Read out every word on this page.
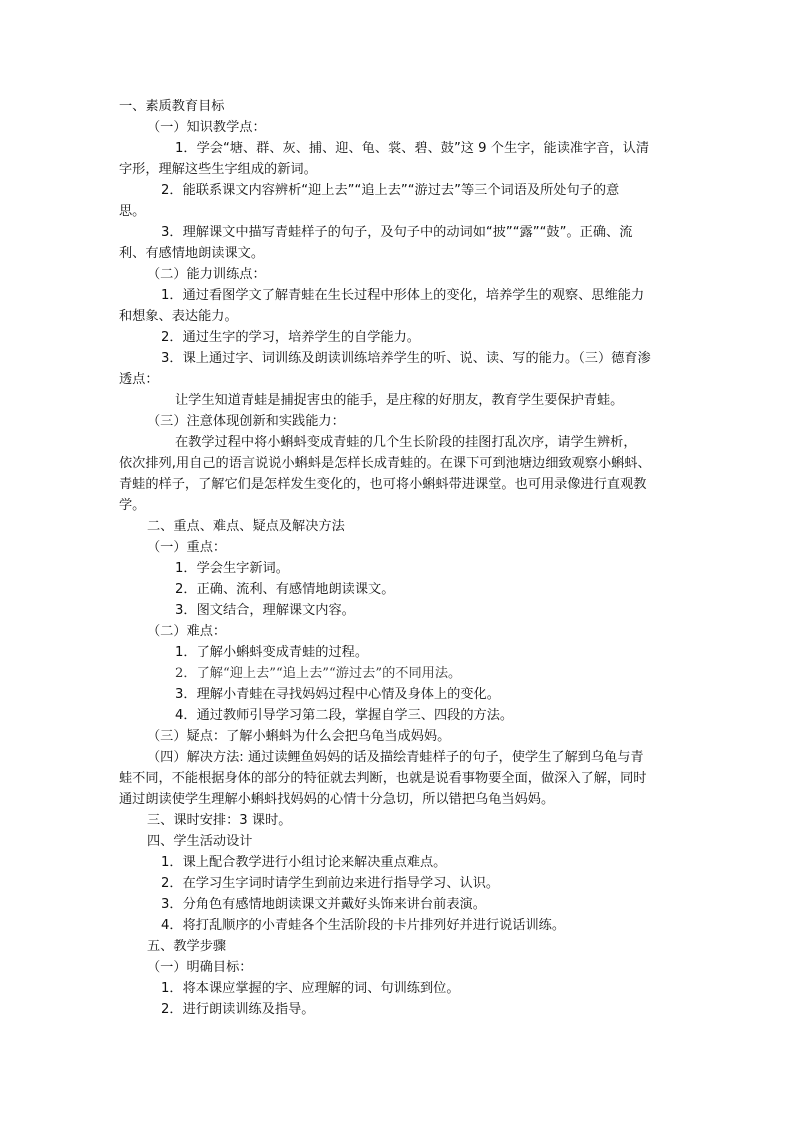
一、素质教育目标
（一）知识教学点：
1．学会“塘、群、灰、捕、迎、龟、裳、碧、鼓”这 9 个生字，能读准字音，认清
字形，理解这些生字组成的新词。
2．能联系课文内容辨析“迎上去”“追上去”“游过去”等三个词语及所处句子的意
思。
3．理解课文中描写青蛙样子的句子，及句子中的动词如“披”“露”“鼓”。正确、流
利、有感情地朗读课文。
（二）能力训练点：
1．通过看图学文了解青蛙在生长过程中形体上的变化，培养学生的观察、思维能力
和想象、表达能力。
2．通过生字的学习，培养学生的自学能力。
3．课上通过字、词训练及朗读训练培养学生的听、说、读、写的能力。（三）德育渗
透点：
让学生知道青蛙是捕捉害虫的能手，是庄稼的好朋友，教育学生要保护青蛙。
（三）注意体现创新和实践能力：
在教学过程中将小蝌蚪变成青蛙的几个生长阶段的挂图打乱次序，请学生辨析，
依次排列,用自己的语言说说小蝌蚪是怎样长成青蛙的。在课下可到池塘边细致观察小蝌蚪、
青蛙的样子，了解它们是怎样发生变化的，也可将小蝌蚪带进课堂。也可用录像进行直观教
学。
二、重点、难点、疑点及解决方法
（一）重点：
1．学会生字新词。
2．正确、流利、有感情地朗读课文。
3．图文结合，理解课文内容。
（二）难点：
1．了解小蝌蚪变成青蛙的过程。
2．了解“迎上去”“追上去”“游过去”的不同用法。
3．理解小青蛙在寻找妈妈过程中心情及身体上的变化。
4．通过教师引导学习第二段，掌握自学三、四段的方法。
（三）疑点：了解小蝌蚪为什么会把乌龟当成妈妈。
（四）解决方法: 通过读鲤鱼妈妈的话及描绘青蛙样子的句子，使学生了解到乌龟与青
蛙不同，不能根据身体的部分的特征就去判断，也就是说看事物要全面，做深入了解，同时
通过朗读使学生理解小蝌蚪找妈妈的心情十分急切，所以错把乌龟当妈妈。
三、课时安排：3 课时。
四、学生活动设计
1．课上配合教学进行小组讨论来解决重点难点。
2．在学习生字词时请学生到前边来进行指导学习、认识。
3．分角色有感情地朗读课文并戴好头饰来讲台前表演。
4．将打乱顺序的小青蛙各个生活阶段的卡片排列好并进行说话训练。
五、教学步骤
（一）明确目标：
1．将本课应掌握的字、应理解的词、句训练到位。
2．进行朗读训练及指导。
